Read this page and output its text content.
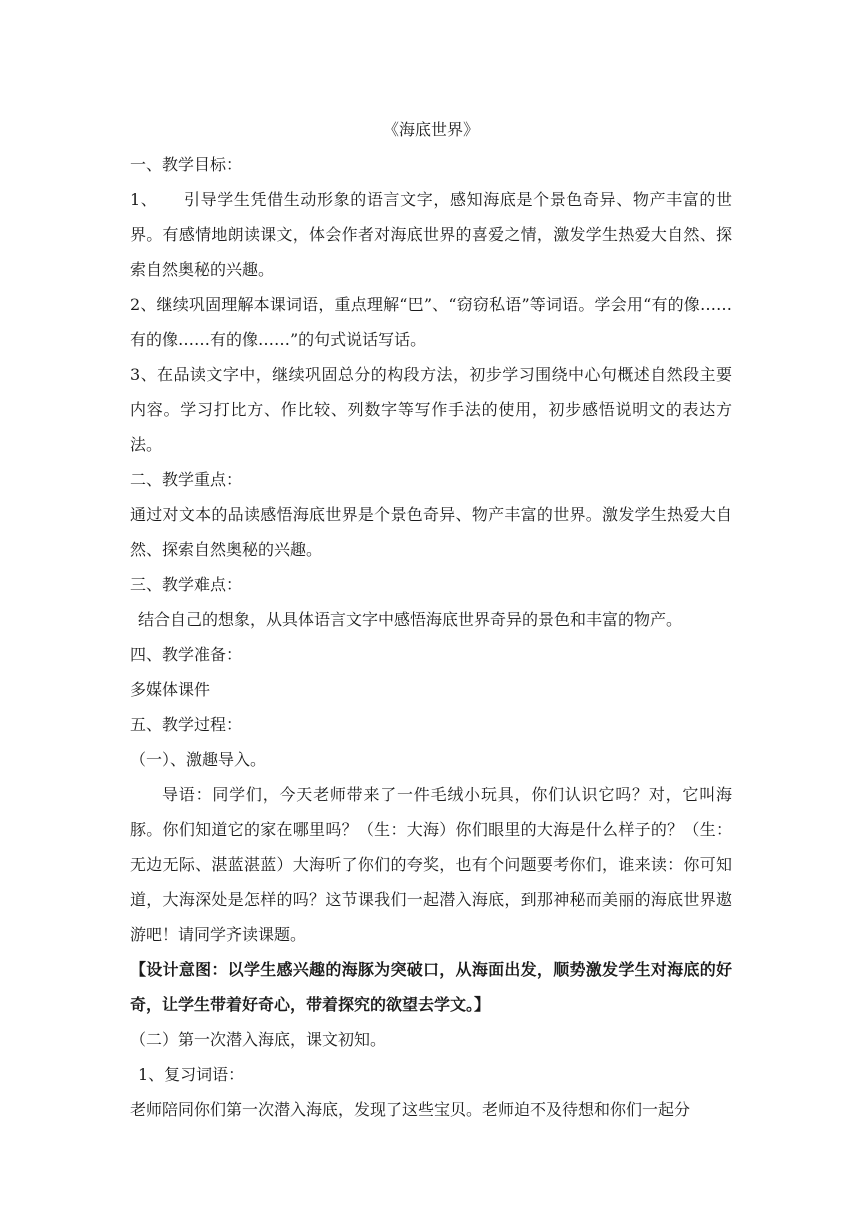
《海底世界》

一、教学目标：

1、 引导学生凭借生动形象的语言文字，感知海底是个景色奇异、物产丰富的世界。有感情地朗读课文，体会作者对海底世界的喜爱之情，激发学生热爱大自然、探索自然奥秘的兴趣。

2、继续巩固理解本课词语，重点理解“巴”、“窃窃私语”等词语。学会用“有的像……有的像……有的像……”的句式说话写话。

3、在品读文字中，继续巩固总分的构段方法，初步学习围绕中心句概述自然段主要内容。学习打比方、作比较、列数字等写作手法的使用，初步感悟说明文的表达方法。

二、教学重点：

通过对文本的品读感悟海底世界是个景色奇异、物产丰富的世界。激发学生热爱大自然、探索自然奥秘的兴趣。

三、教学难点：

结合自己的想象，从具体语言文字中感悟海底世界奇异的景色和丰富的物产。

四、教学准备：

多媒体课件

五、教学过程：

（一）、激趣导入。

导语：同学们，今天老师带来了一件毛绒小玩具，你们认识它吗？对，它叫海豚。你们知道它的家在哪里吗？（生：大海）你们眼里的大海是什么样子的？（生：无边无际、湛蓝湛蓝）大海听了你们的夸奖，也有个问题要考你们，谁来读：你可知道，大海深处是怎样的吗？这节课我们一起潜入海底，到那神秘而美丽的海底世界遨游吧！请同学齐读课题。

【设计意图：以学生感兴趣的海豚为突破口，从海面出发，顺势激发学生对海底的好奇，让学生带着好奇心，带着探究的欲望去学文。】

（二）第一次潜入海底，课文初知。

1、复习词语：

老师陪同你们第一次潜入海底，发现了这些宝贝。老师迫不及待想和你们一起分
